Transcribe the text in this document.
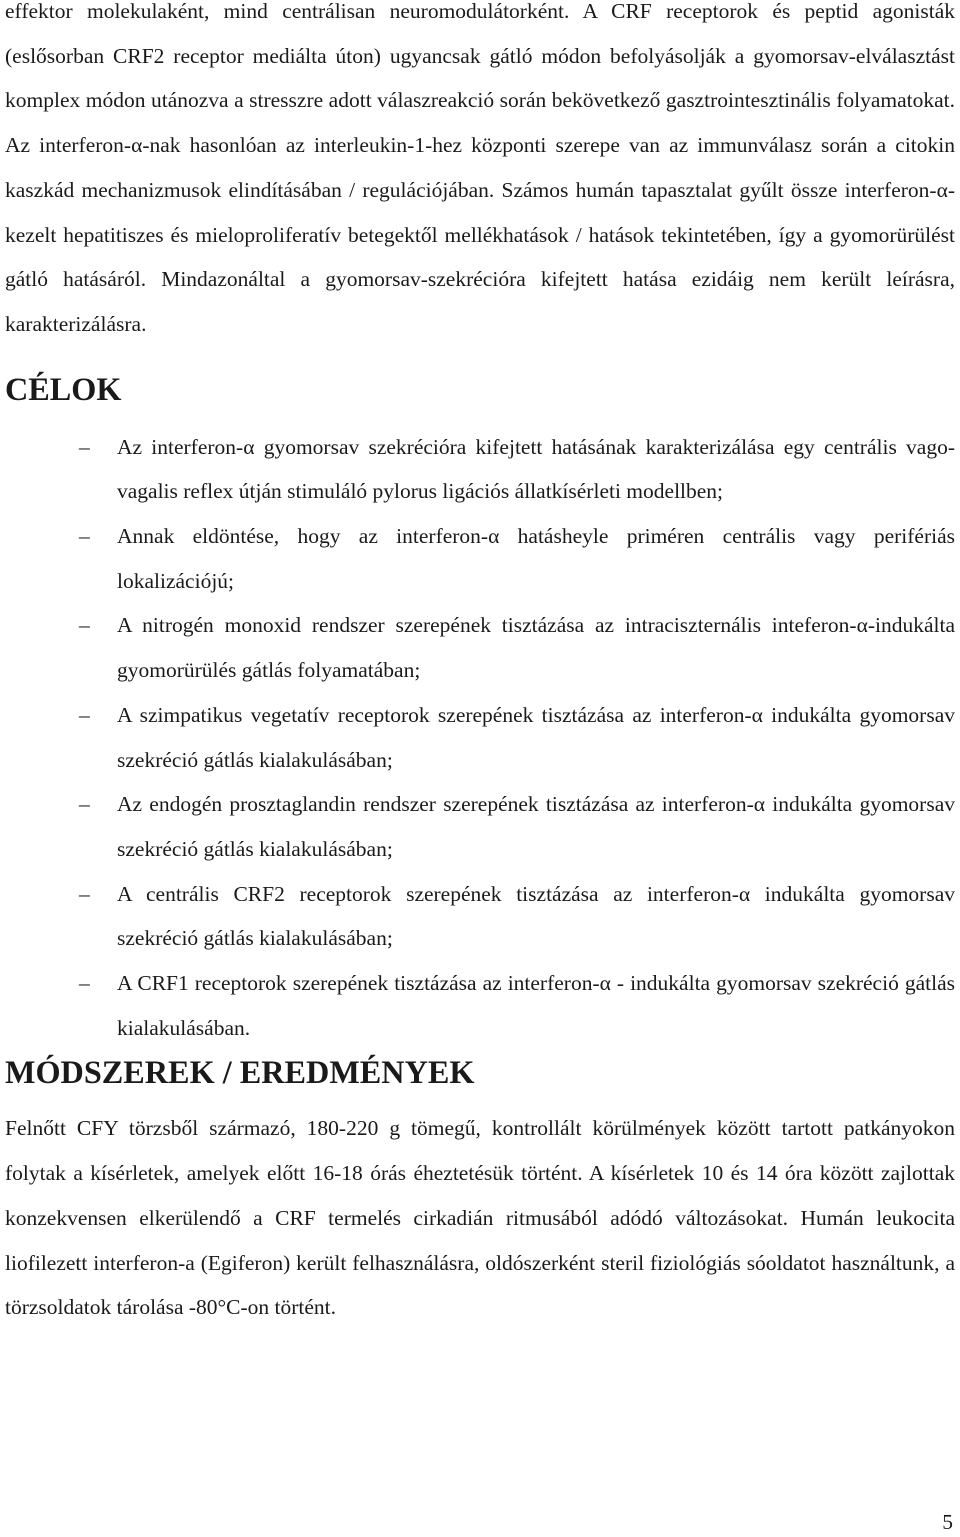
effektor molekulaként, mind centrálisan neuromodulátorként. A CRF receptorok és peptid agonisták (eslősorban CRF2 receptor mediálta úton) ugyancsak gátló módon befolyásolják a gyomorsav-elválasztást komplex módon utánozva a stresszre adott válaszreakció során bekövetkező gasztrointesztinális folyamatokat. Az interferon-α-nak hasonlóan az interleukin-1-hez központi szerepe van az immunválasz során a citokin kaszkád mechanizmusok elindításában / regulációjában. Számos humán tapasztalat gyűlt össze interferon-α-kezelt hepatitiszes és mieloproliferatív betegektől mellékhatások / hatások tekintetében, így a gyomorürülést gátló hatásáról. Mindazonáltal a gyomorsav-szekrécióra kifejtett hatása ezidáig nem került leírásra, karakterizálásra.

CÉLOK
– Az interferon-α gyomorsav szekrécióra kifejtett hatásának karakterizálása egy centrális vago-vagalis reflex útján stimuláló pylorus ligációs állatkísérleti modellben;
– Annak eldöntése, hogy az interferon-α hatásheyle priméren centrális vagy perifériás lokalizációjú;
– A nitrogén monoxid rendszer szerepének tisztázása az intraciszternális inteferon-α-indukálta gyomorürülés gátlás folyamatában;
– A szimpatikus vegetatív receptorok szerepének tisztázása az interferon-α indukálta gyomorsav szekréció gátlás kialakulásában;
– Az endogén prosztaglandin rendszer szerepének tisztázása az interferon-α indukálta gyomorsav szekréció gátlás kialakulásában;
– A centrális CRF2 receptorok szerepének tisztázása az interferon-α indukálta gyomorsav szekréció gátlás kialakulásában;
– A CRF1 receptorok szerepének tisztázása az interferon-α - indukálta gyomorsav szekréció gátlás kialakulásában.
MÓDSZEREK / EREDMÉNYEK

Felnőtt CFY törzsből származó, 180-220 g tömegű, kontrollált körülmények között tartott patkányokon folytak a kísérletek, amelyek előtt 16-18 órás éheztetésük történt. A kísérletek 10 és 14 óra között zajlottak konzekvensen elkerülendő a CRF termelés cirkadián ritmusából adódó változásokat. Humán leukocita liofilezett interferon-a (Egiferon) került felhasználásra, oldószerként steril fiziológiás sóoldatot használtunk, a törzsoldatok tárolása -80°C-on történt.

5
